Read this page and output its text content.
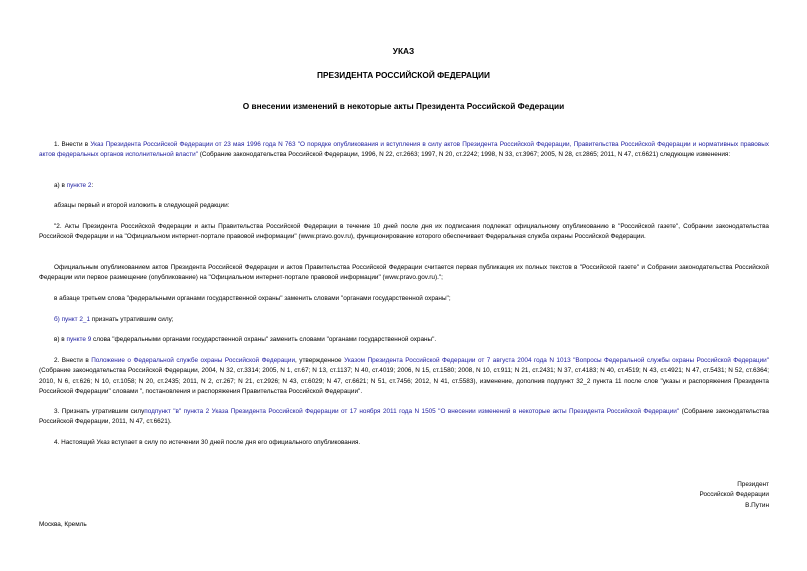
УКАЗ
ПРЕЗИДЕНТА РОССИЙСКОЙ ФЕДЕРАЦИИ
О внесении изменений в некоторые акты Президента Российской Федерации
1. Внести в Указ Президента Российской Федерации от 23 мая 1996 года N 763 "О порядке опубликования и вступления в силу актов Президента Российской Федерации, Правительства Российской Федерации и нормативных правовых актов федеральных органов исполнительной власти" (Собрание законодательства Российской Федерации, 1996, N 22, ст.2663; 1997, N 20, ст.2242; 1998, N 33, ст.3967; 2005, N 28, ст.2865; 2011, N 47, ст.6621) следующие изменения:
а) в пункте 2:
абзацы первый и второй изложить в следующей редакции:
"2. Акты Президента Российской Федерации и акты Правительства Российской Федерации в течение 10 дней после дня их подписания подлежат официальному опубликованию в "Российской газете", Собрании законодательства Российской Федерации и на "Официальном интернет-портале правовой информации" (www.pravo.gov.ru), функционирование которого обеспечивает Федеральная служба охраны Российской Федерации.
Официальным опубликованием актов Президента Российской Федерации и актов Правительства Российской Федерации считается первая публикация их полных текстов в "Российской газете" и Собрании законодательства Российской Федерации или первое размещение (опубликование) на "Официальном интернет-портале правовой информации" (www.pravo.gov.ru).";
в абзаце третьем слова "федеральными органами государственной охраны" заменить словами "органами государственной охраны";
б) пункт 2_1 признать утратившим силу;
в) в пункте 9 слова "федеральными органами государственной охраны" заменить словами "органами государственной охраны".
2. Внести в Положение о Федеральной службе охраны Российской Федерации, утвержденное Указом Президента Российской Федерации от 7 августа 2004 года N 1013 "Вопросы Федеральной службы охраны Российской Федерации" (Собрание законодательства Российской Федерации, 2004, N 32, ст.3314; 2005, N 1, ст.67; N 13, ст.1137; N 40, ст.4019; 2006, N 15, ст.1580; 2008, N 10, ст.911; N 21, ст.2431; N 37, ст.4183; N 40, ст.4519; N 43, ст.4921; N 47, ст.5431; N 52, ст.6364; 2010, N 6, ст.626; N 10, ст.1058; N 20, ст.2435; 2011, N 2, ст.267; N 21, ст.2926; N 43, ст.6029; N 47, ст.6621; N 51, ст.7456; 2012, N 41, ст.5583), изменение, дополнив подпункт 32_2 пункта 11 после слов "указы и распоряжения Президента Российской Федерации" словами ", постановления и распоряжения Правительства Российской Федерации".
3. Признать утратившим силуподпункт "в" пункта 2 Указа Президента Российской Федерации от 17 ноября 2011 года N 1505 "О внесении изменений в некоторые акты Президента Российской Федерации" (Собрание законодательства Российской Федерации, 2011, N 47, ст.6621).
4. Настоящий Указ вступает в силу по истечении 30 дней после дня его официального опубликования.
Президент
Российской Федерации
В.Путин
Москва, Кремль
